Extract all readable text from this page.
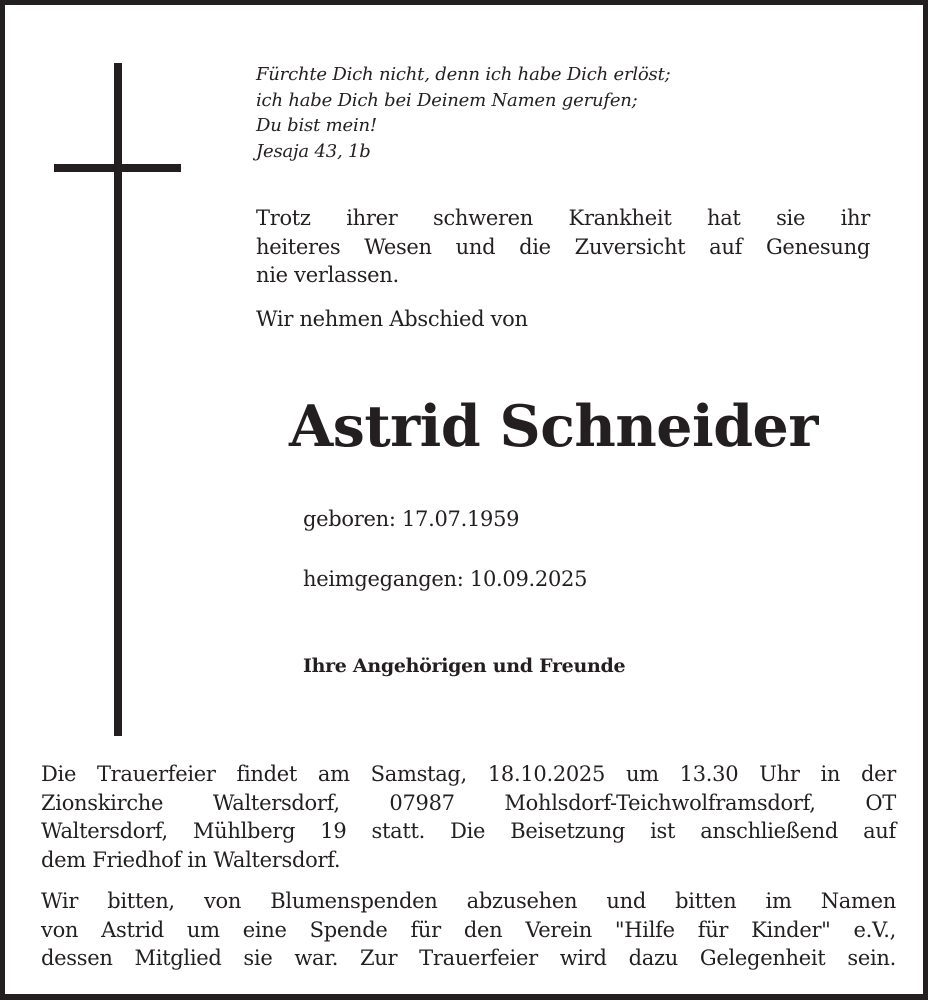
Fürchte Dich nicht, denn ich habe Dich erlöst;
ich habe Dich bei Deinem Namen gerufen;
Du bist mein!
Jesaja 43, 1b
Trotz ihrer schweren Krankheit hat sie ihr
heiteres Wesen und die Zuversicht auf Genesung
nie verlassen.
Wir nehmen Abschied von
Astrid Schneider
geboren: 17.07.1959
heimgegangen: 10.09.2025
Ihre Angehörigen und Freunde
Die Trauerfeier findet am Samstag, 18.10.2025 um 13.30 Uhr in der
Zionskirche Waltersdorf, 07987 Mohlsdorf-Teichwolframsdorf, OT
Waltersdorf, Mühlberg 19 statt. Die Beisetzung ist anschließend auf
dem Friedhof in Waltersdorf.
Wir bitten, von Blumenspenden abzusehen und bitten im Namen
von Astrid um eine Spende für den Verein "Hilfe für Kinder" e.V.,
dessen Mitglied sie war. Zur Trauerfeier wird dazu Gelegenheit sein.
